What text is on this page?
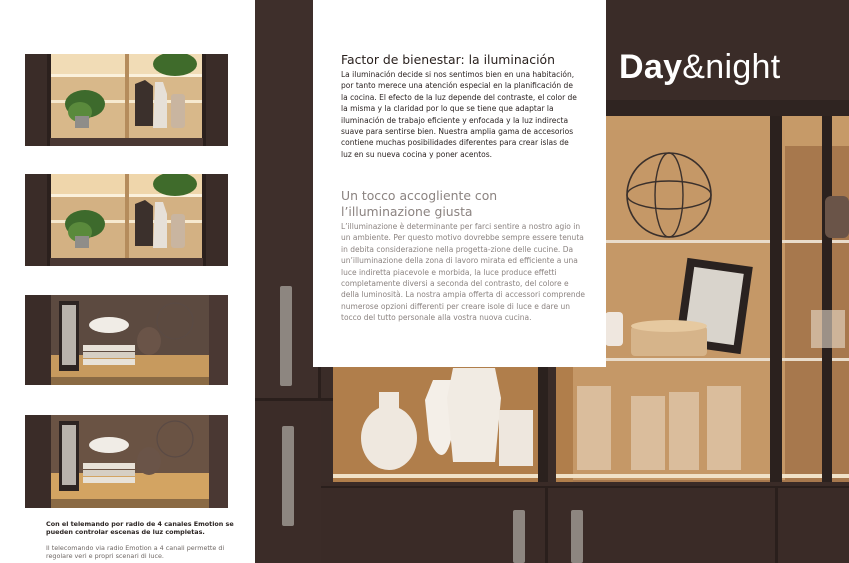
Con el telemando por radio de 4 canales Emotion se pueden controlar escenas de luz completas.
Il telecomando via radio Emotion a 4 canali permette di regolare veri e propri scenari di luce.
Factor de bienestar: la iluminación
La iluminación decide si nos sentimos bien en una habitación, por tanto merece una atención especial en la planificación de la cocina. El efecto de la luz depende del contraste, el color de la misma y la claridad por lo que se tiene que adaptar la iluminación de trabajo eficiente y enfocada y la luz indirecta suave para sentirse bien. Nuestra amplia gama de accesorios contiene muchas posibilidades diferentes para crear islas de luz en su nueva cocina y poner acentos.
Un tocco accogliente con l’illuminazione giusta
L’illuminazione è determinante per farci sentire a nostro agio in un ambiente. Per questo motivo dovrebbe sempre essere tenuta in debita considerazione nella progetta-zione delle cucine. Da un’illuminazione della zona di lavoro mirata ed efficiente a una luce indiretta piacevole e morbida, la luce produce effetti completamente diversi a seconda del contrasto, del colore e della luminosità. La nostra ampia offerta di accessori comprende numerose opzioni differenti per creare isole di luce e dare un tocco del tutto personale alla vostra nuova cucina.
Day&night
